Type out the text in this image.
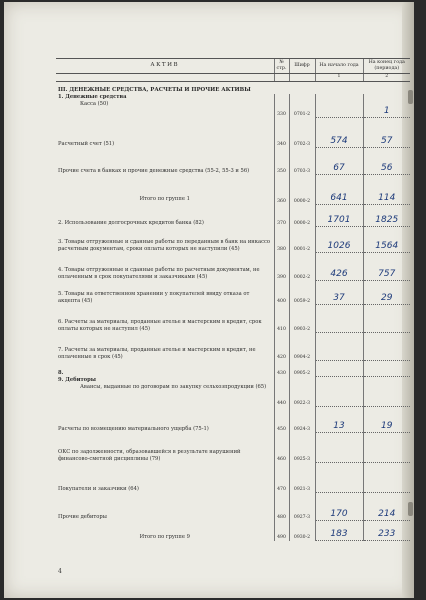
АКТИВ	№ стр.	Шифр	На начало года	На конец года (периода)
			1	2
III. ДЕНЕЖНЫЕ СРЕДСТВА, РАСЧЕТЫ И ПРОЧИЕ АКТИВЫ				

1. Денежные средства
Касса (50)	330	0701-2		1

Расчетный счет (51)	340	0702-3	574	57

Прочие счета в банках и прочие денежные средства (55-2, 55-3 и 56)	350	0703-3	67	56

Итого по группе 1	360	0000-2	641	114

2. Использование долгосрочных кредитов банка (82)	370	0000-2	1701	1825

3. Товары отгруженные и сданные работы по переданным в банк на инкассо расчетным документам, сроки оплаты которых не наступили (45)	380	0001-2	1026	1564

4. Товары отгруженные и сданные работы по расчетным документам, не оплаченным в срок покупателями и заказчиками (45)	390	0002-2	426	757

5. Товары на ответственном хранении у покупателей ввиду отказа от акцепта (45)	400	0059-2	37	29

6. Расчеты за материалы, проданные ателье и мастерским в кредит, срок оплаты которых не наступил (45)	410	0903-2	

7. Расчеты за материалы, проданные ателье и мастерским в кредит, не оплаченные в срок (45)	420	0904-2	

8.	430	0905-2	

9. Дебиторы
Авансы, выданные по договорам по закупку сельхозпродукции (65)	440	0922-3	

Расчеты по возмещению материального ущерба (75-1)	450	0924-3	13	19

ОКС по задолженности, образовавшейся в результате нарушений финансово-сметной дисциплины (79)	460	0925-3	

Покупатели и заказчики (64)	470	0921-3	

Прочие дебиторы	480	0927-3	170	214

Итого по группе 9	490	0930-2	183	233
4
